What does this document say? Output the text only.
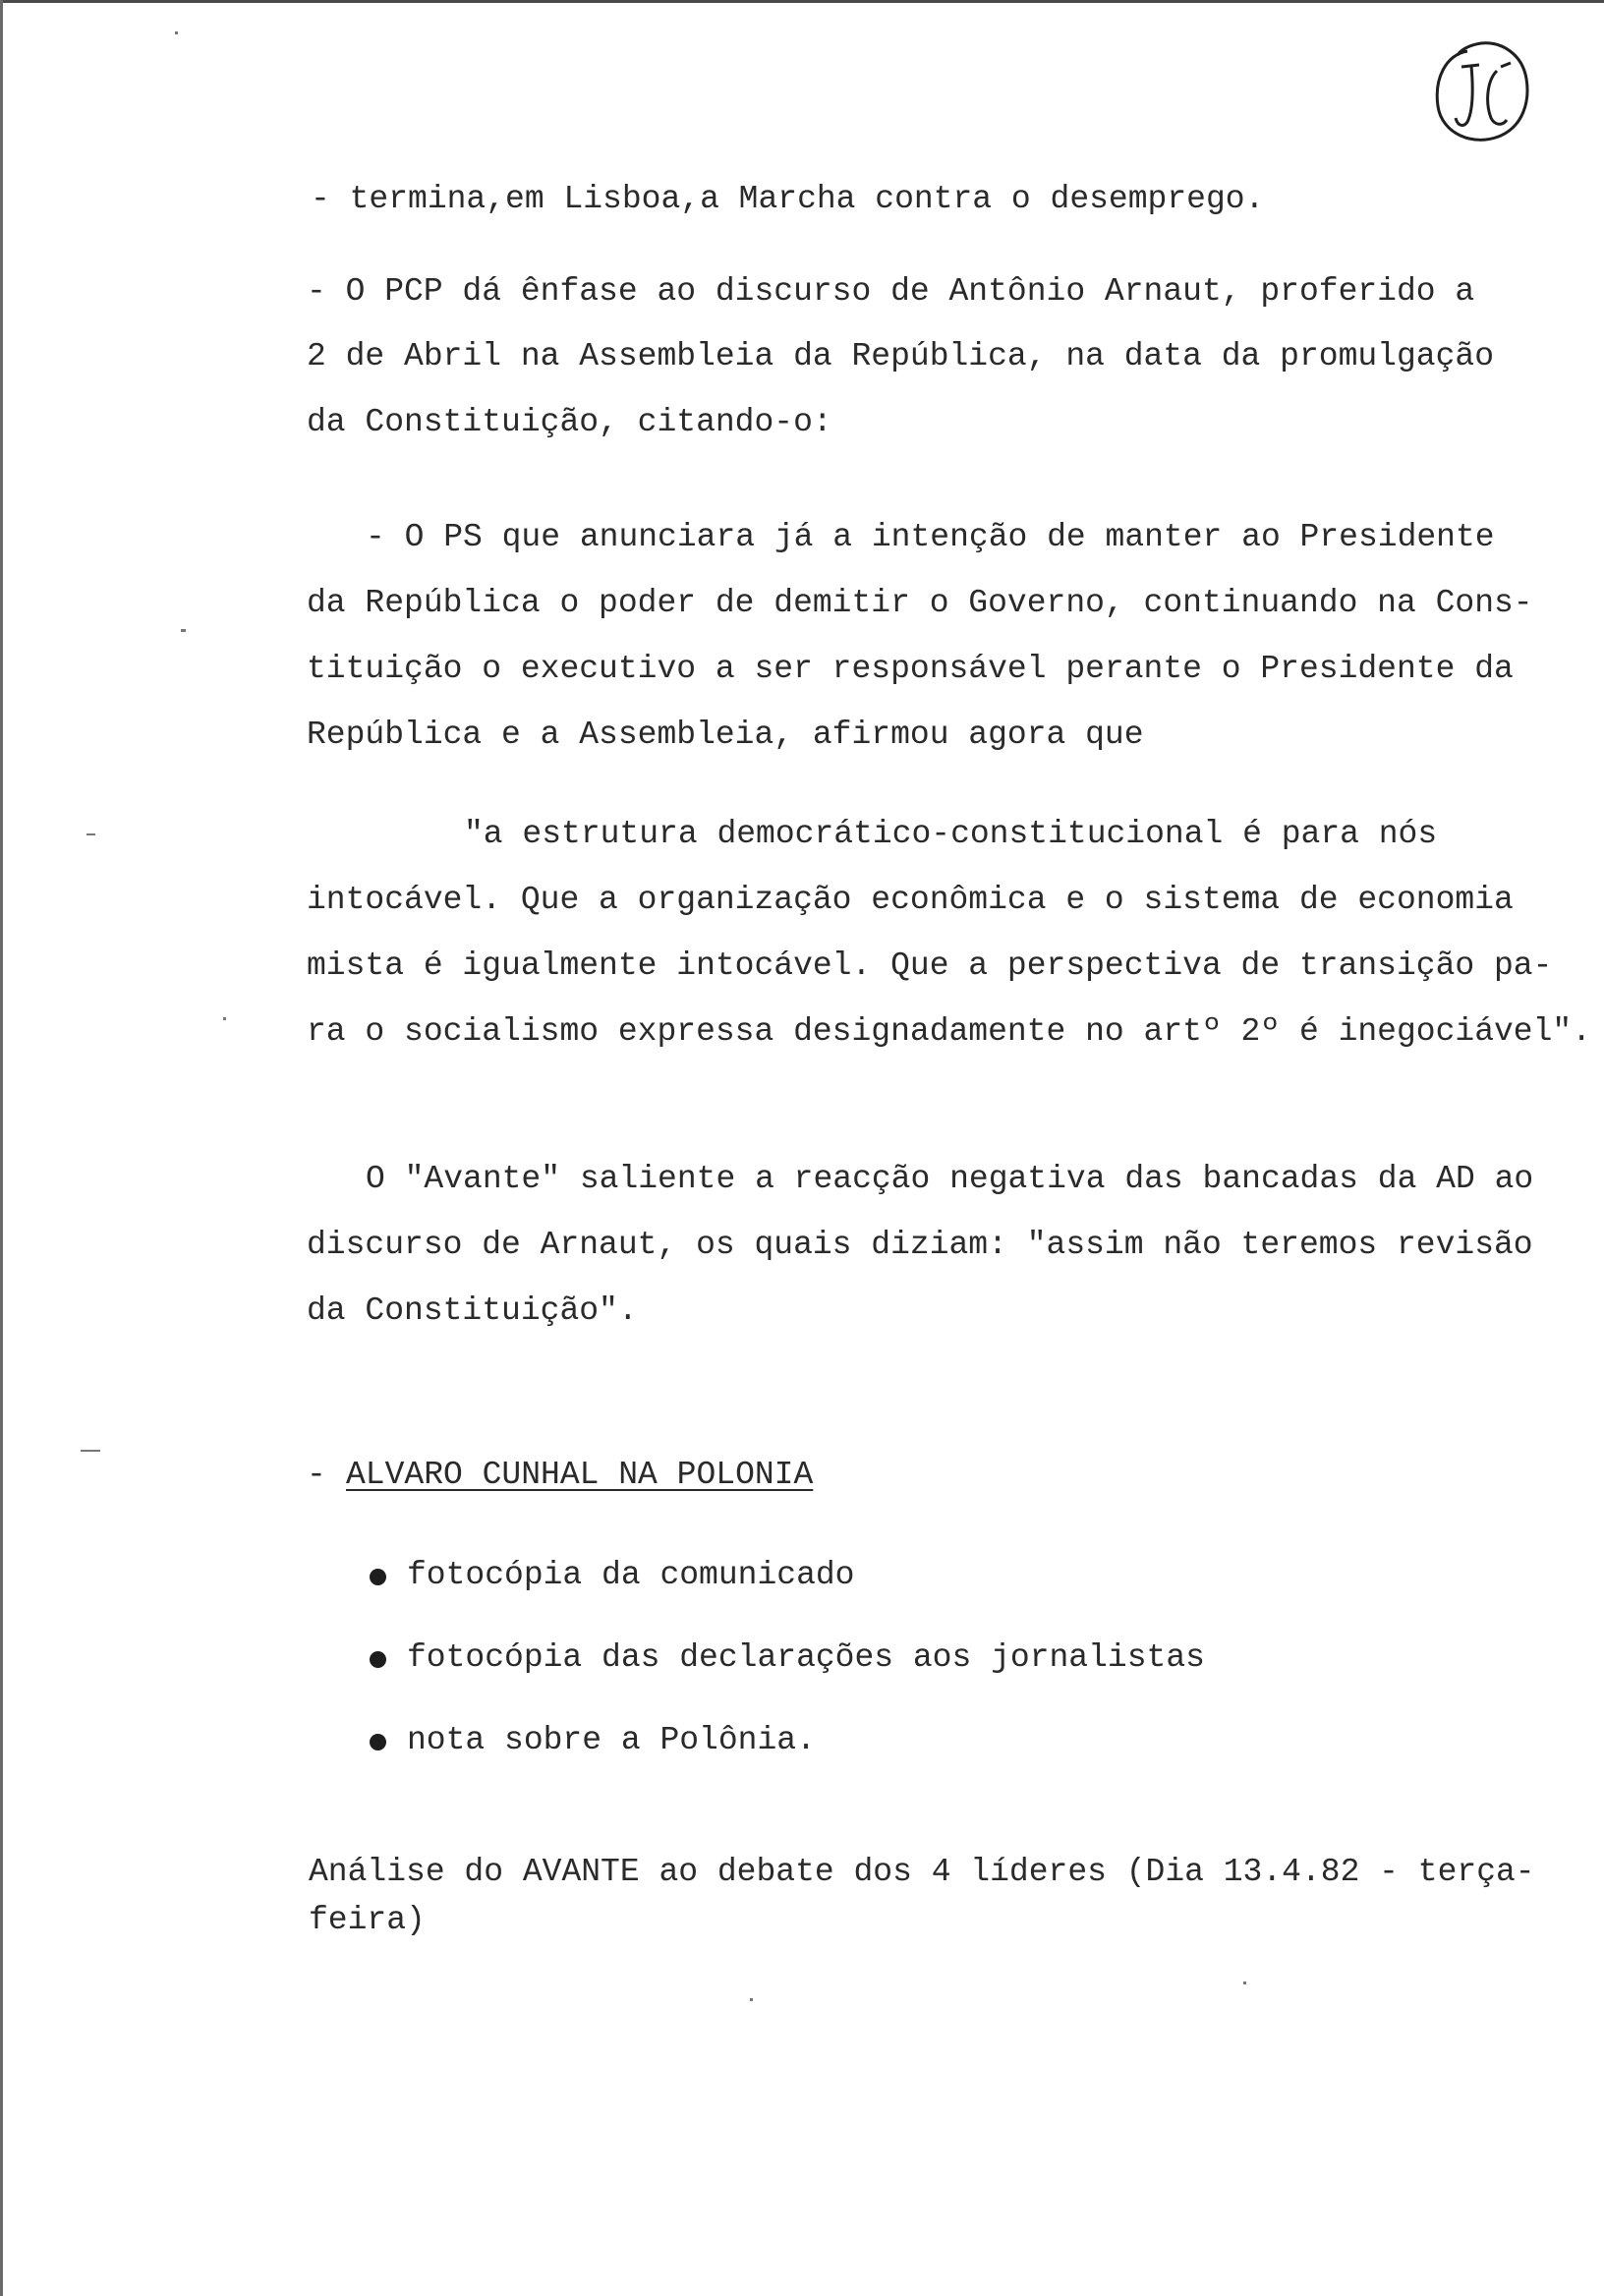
- termina,em Lisboa,a Marcha contra o desemprego.
- O PCP dá ênfase ao discurso de Antônio Arnaut, proferido a
2 de Abril na Assembleia da República, na data da promulgação
da Constituição, citando-o:
- O PS que anunciara já a intenção de manter ao Presidente
da República o poder de demitir o Governo, continuando na Cons-
tituição o executivo a ser responsável perante o Presidente da
República e a Assembleia, afirmou agora que
"a estrutura democrático-constitucional é para nós
intocável. Que a organização econômica e o sistema de economia
mista é igualmente intocável. Que a perspectiva de transição pa-
ra o socialismo expressa designadamente no artº 2º é inegociável".
O "Avante" saliente a reacção negativa das bancadas da AD ao
discurso de Arnaut, os quais diziam: "assim não teremos revisão
da Constituição".
- ALVARO CUNHAL NA POLONIA
fotocópia da comunicado
fotocópia das declarações aos jornalistas
nota sobre a Polônia.
Análise do AVANTE ao debate dos 4 líderes (Dia 13.4.82 - terça-
feira)
